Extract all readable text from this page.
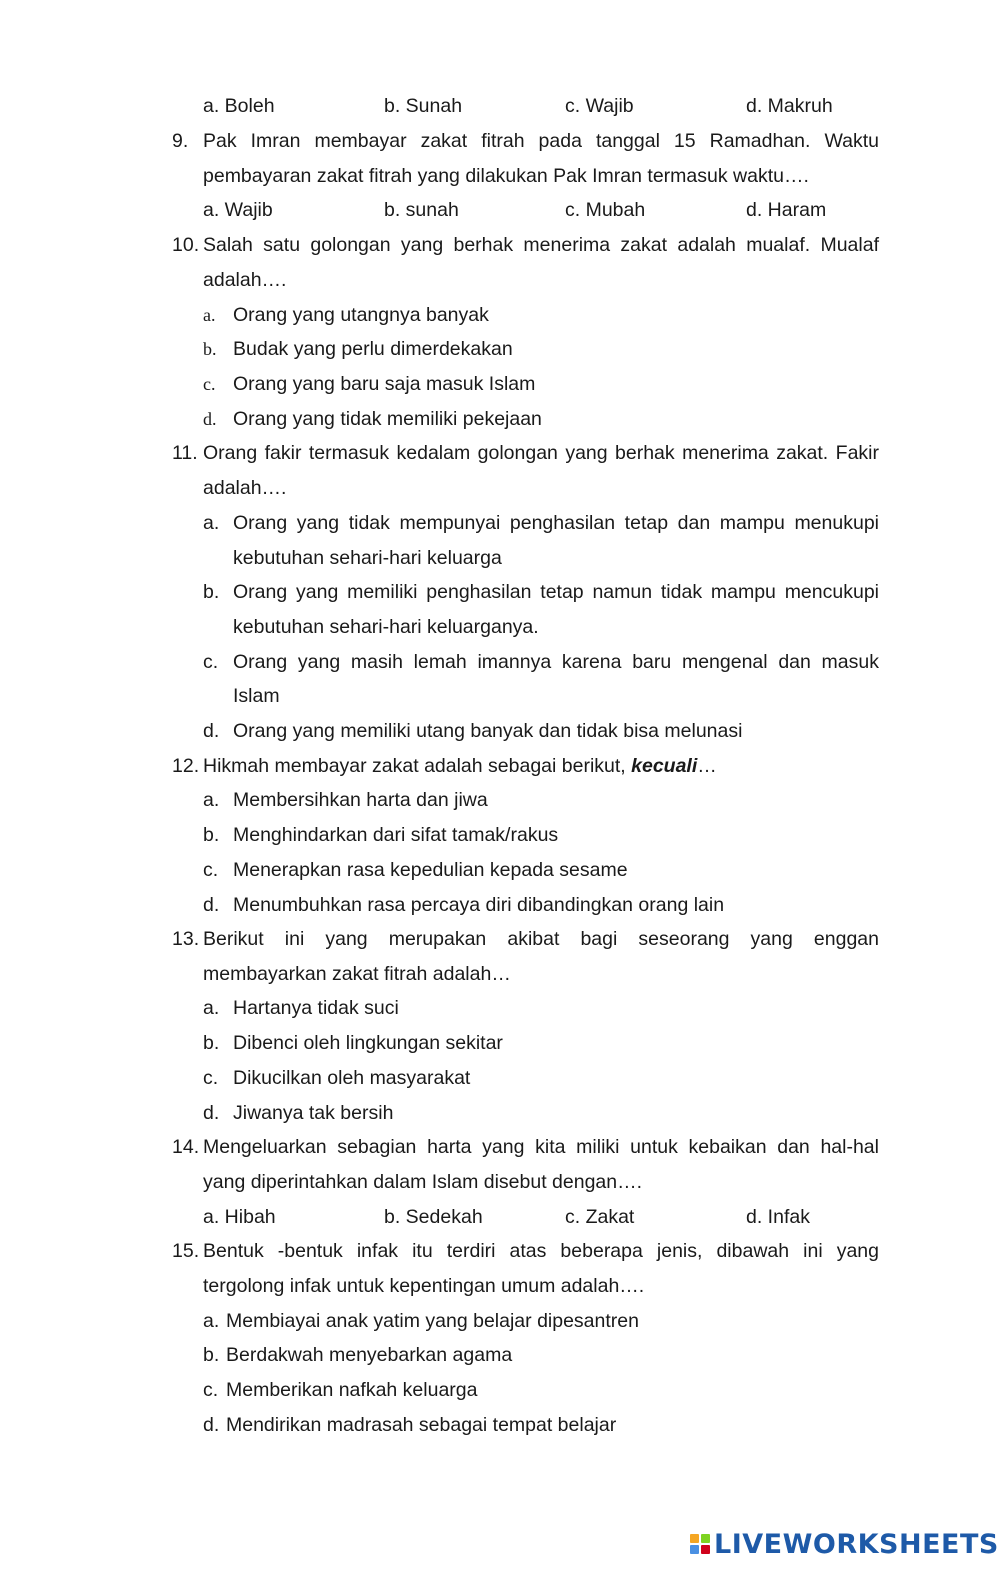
a. Boleh	b. Sunah	c. Wajib	d. Makruh
9. Pak Imran membayar zakat fitrah pada tanggal 15 Ramadhan. Waktu
pembayaran zakat fitrah yang dilakukan Pak Imran termasuk waktu….
a. Wajib	b. sunah	c. Mubah	d. Haram
10. Salah satu golongan yang berhak menerima zakat adalah mualaf. Mualaf
adalah….
a. Orang yang utangnya banyak
b. Budak yang perlu dimerdekakan
c. Orang yang baru saja masuk Islam
d. Orang yang tidak memiliki pekejaan
11. Orang fakir termasuk kedalam golongan yang berhak menerima zakat. Fakir
adalah….
a. Orang yang tidak mempunyai penghasilan tetap dan mampu menukupi
kebutuhan sehari-hari keluarga
b. Orang yang memiliki penghasilan tetap namun tidak mampu mencukupi
kebutuhan sehari-hari keluarganya.
c. Orang yang masih lemah imannya karena baru mengenal dan masuk
Islam
d. Orang yang memiliki utang banyak dan tidak bisa melunasi
12. Hikmah membayar zakat adalah sebagai berikut, kecuali…
a. Membersihkan harta dan jiwa
b. Menghindarkan dari sifat tamak/rakus
c. Menerapkan rasa kepedulian kepada sesame
d. Menumbuhkan rasa percaya diri dibandingkan orang lain
13. Berikut ini yang merupakan akibat bagi seseorang yang enggan
membayarkan zakat fitrah adalah…
a. Hartanya tidak suci
b. Dibenci oleh lingkungan sekitar
c. Dikucilkan oleh masyarakat
d. Jiwanya tak bersih
14. Mengeluarkan sebagian harta yang kita miliki untuk kebaikan dan hal-hal
yang diperintahkan dalam Islam disebut dengan….
a. Hibah	b. Sedekah	c. Zakat	d. Infak
15. Bentuk -bentuk infak itu terdiri atas beberapa jenis, dibawah ini yang
tergolong infak untuk kepentingan umum adalah….
a. Membiayai anak yatim yang belajar dipesantren
b. Berdakwah menyebarkan agama
c. Memberikan nafkah keluarga
d. Mendirikan madrasah sebagai tempat belajar
LIVEWORKSHEETS
